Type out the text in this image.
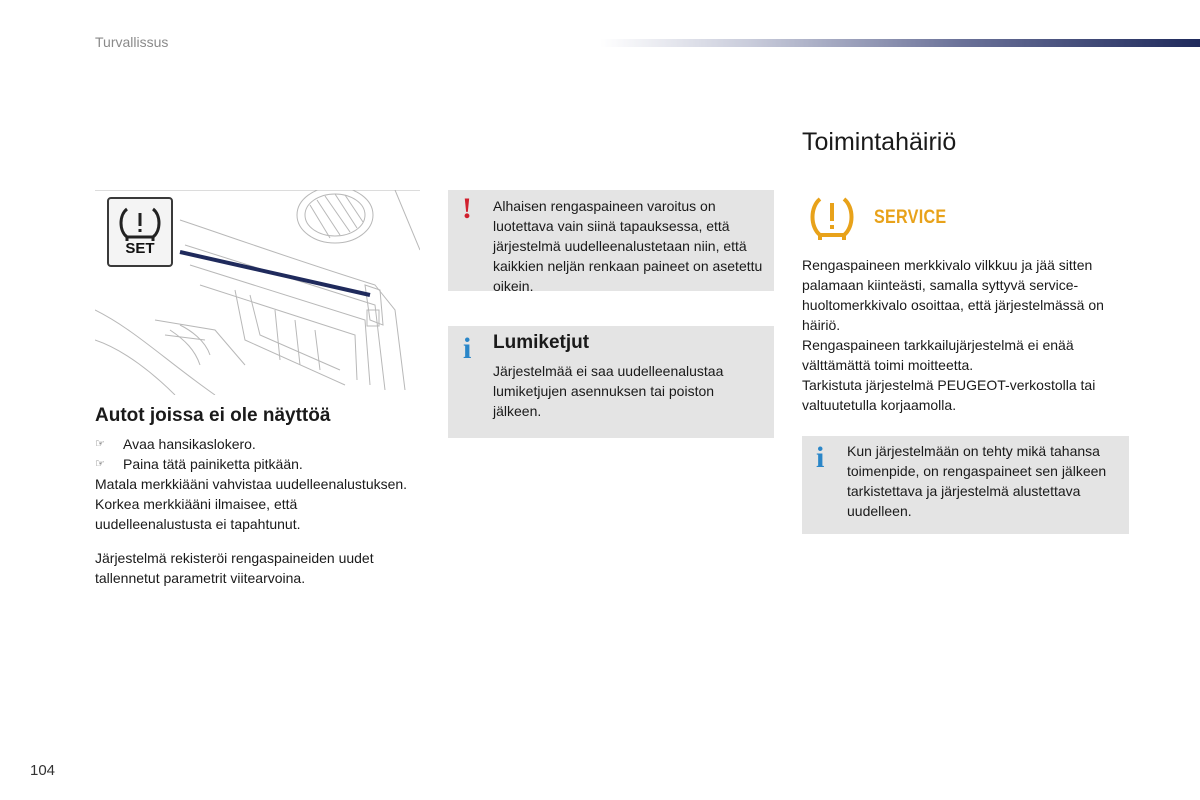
Turvallissus
SET
Autot joissa ei ole näyttöä
☞ Avaa hansikaslokero.
☞ Paina tätä painiketta pitkään.

Matala merkkiääni vahvistaa uudelleenalustuksen.

Korkea merkkiääni ilmaisee, että uudelleenalustusta ei tapahtunut.

Järjestelmä rekisteröi rengaspaineiden uudet tallennetut parametrit viitearvoina.

! Alhaisen rengaspaineen varoitus on luotettava vain siinä tapauksessa, että järjestelmä uudelleenalustetaan niin, että kaikkien neljän renkaan paineet on asetettu oikein.
i Lumiketjut
Järjestelmää ei saa uudelleenalustaa lumiketjujen asennuksen tai poiston jälkeen.
Toimintahäiriö
SERVICE

Rengaspaineen merkkivalo vilkkuu ja jää sitten palamaan kiinteästi, samalla syttyvä service-huoltomerkkivalo osoittaa, että järjestelmässä on häiriö.

Rengaspaineen tarkkailujärjestelmä ei enää välttämättä toimi moitteetta.

Tarkistuta järjestelmä PEUGEOT-verkostolla tai valtuutetulla korjaamolla.

i Kun järjestelmään on tehty mikä tahansa toimenpide, on rengaspaineet sen jälkeen tarkistettava ja järjestelmä alustettava uudelleen.
104
